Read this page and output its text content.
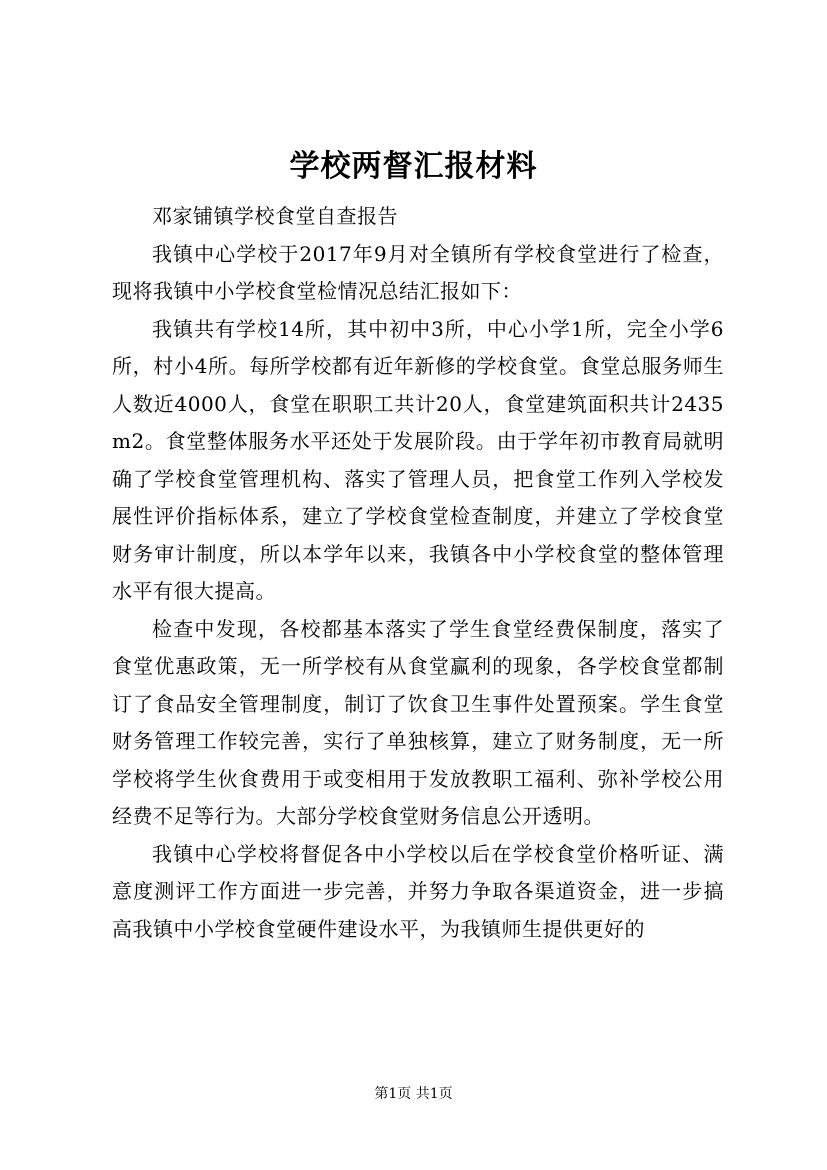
学校两督汇报材料

邓家铺镇学校食堂自查报告

我镇中心学校于2017年9月对全镇所有学校食堂进行了检查，现将我镇中小学校食堂检情况总结汇报如下：

我镇共有学校14所，其中初中3所，中心小学1所，完全小学6所，村小4所。每所学校都有近年新修的学校食堂。食堂总服务师生人数近4000人，食堂在职职工共计20人，食堂建筑面积共计2435m2。食堂整体服务水平还处于发展阶段。由于学年初市教育局就明确了学校食堂管理机构、落实了管理人员，把食堂工作列入学校发展性评价指标体系，建立了学校食堂检查制度，并建立了学校食堂财务审计制度，所以本学年以来，我镇各中小学校食堂的整体管理水平有很大提高。

检查中发现，各校都基本落实了学生食堂经费保制度，落实了食堂优惠政策，无一所学校有从食堂赢利的现象，各学校食堂都制订了食品安全管理制度，制订了饮食卫生事件处置预案。学生食堂财务管理工作较完善，实行了单独核算，建立了财务制度，无一所学校将学生伙食费用于或变相用于发放教职工福利、弥补学校公用经费不足等行为。大部分学校食堂财务信息公开透明。

我镇中心学校将督促各中小学校以后在学校食堂价格听证、满意度测评工作方面进一步完善，并努力争取各渠道资金，进一步搞高我镇中小学校食堂硬件建设水平，为我镇师生提供更好的

第1页 共1页
